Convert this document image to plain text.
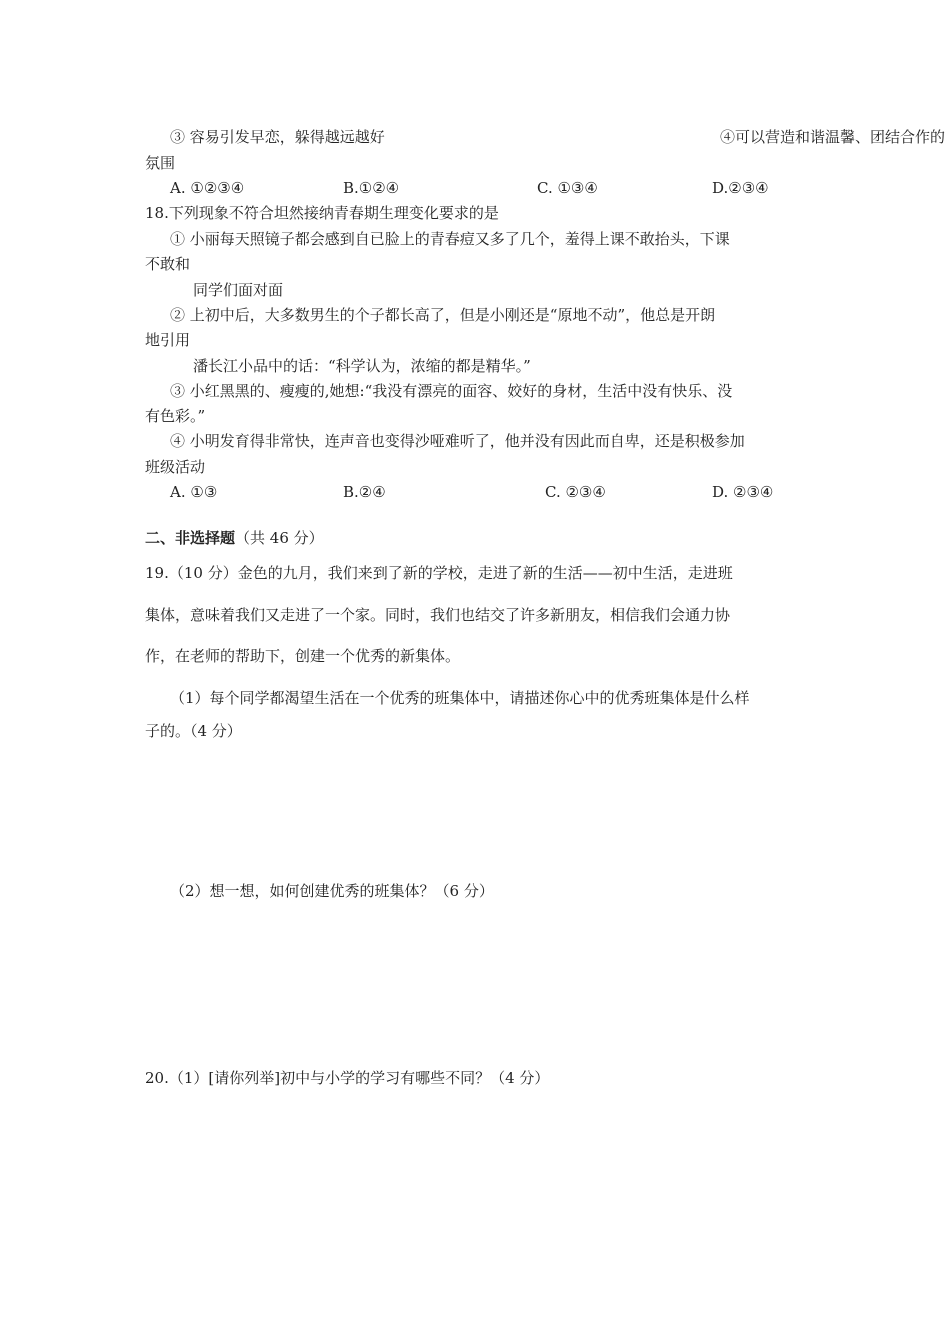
③ 容易引发早恋，躲得越远越好	④可以营造和谐温馨、团结合作的
氛围
A. ①②③④	B.①②④	C. ①③④	D.②③④
18.下列现象不符合坦然接纳青春期生理变化要求的是
① 小丽每天照镜子都会感到自已脸上的青春痘又多了几个，羞得上课不敢抬头，下课
不敢和
同学们面对面
② 上初中后，大多数男生的个子都长高了，但是小刚还是“原地不动”，他总是开朗
地引用
潘长江小品中的话：“科学认为，浓缩的都是精华。”
③ 小红黑黑的、瘦瘦的,她想:“我没有漂亮的面容、姣好的身材，生活中没有快乐、没
有色彩。”
④ 小明发育得非常快，连声音也变得沙哑难听了，他并没有因此而自卑，还是积极参加
班级活动
A. ①③	B.②④	C. ②③④	D. ②③④
二、非选择题（共 46 分）
19.（10 分）金色的九月，我们来到了新的学校，走进了新的生活——初中生活，走进班
集体，意味着我们又走进了一个家。同时，我们也结交了许多新朋友，相信我们会通力协
作，在老师的帮助下，创建一个优秀的新集体。
（1）每个同学都渴望生活在一个优秀的班集体中，请描述你心中的优秀班集体是什么样
子的。（4 分）
（2）想一想，如何创建优秀的班集体？（6 分）
20.（1）[请你列举]初中与小学的学习有哪些不同？（4 分）
